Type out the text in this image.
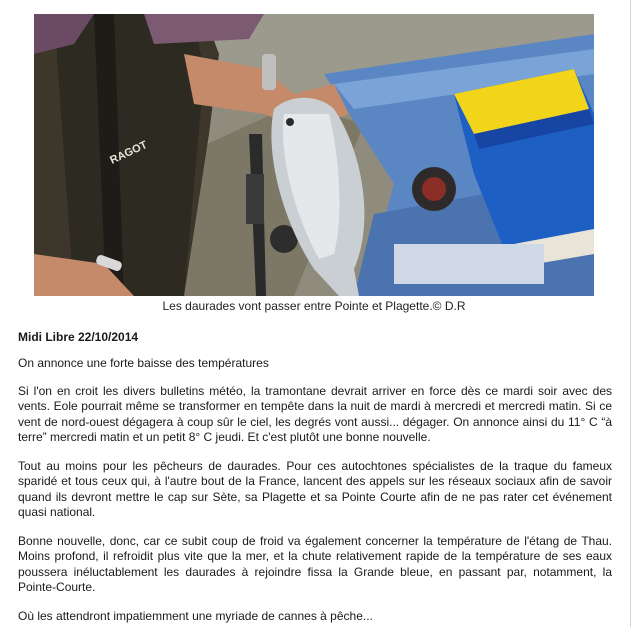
RAGOT
Les daurades vont passer entre Pointe et Plagette.© D.R
Midi Libre 22/10/2014

On annonce une forte baisse des températures

Si l'on en croit les divers bulletins météo, la tramontane devrait arriver en force dès ce mardi soir avec des vents. Eole pourrait même se transformer en tempête dans la nuit de mardi à mercredi et mercredi matin. Si ce vent de nord-ouest dégagera à coup sûr le ciel, les degrés vont aussi... dégager. On annonce ainsi du 11° C “à terre” mercredi matin et un petit 8° C jeudi. Et c'est plutôt une bonne nouvelle.

Tout au moins pour les pêcheurs de daurades. Pour ces autochtones spécialistes de la traque du fameux sparidé et tous ceux qui, à l'autre bout de la France, lancent des appels sur les réseaux sociaux afin de savoir quand ils devront mettre le cap sur Sète, sa Plagette et sa Pointe Courte afin de ne pas rater cet événement quasi national.

Bonne nouvelle, donc, car ce subit coup de froid va également concerner la température de l'étang de Thau. Moins profond, il refroidit plus vite que la mer, et la chute relativement rapide de la température de ses eaux poussera inéluctablement les daurades à rejoindre fissa la Grande bleue, en passant par, notamment, la Pointe-Courte.

Où les attendront impatiemment une myriade de cannes à pêche...
